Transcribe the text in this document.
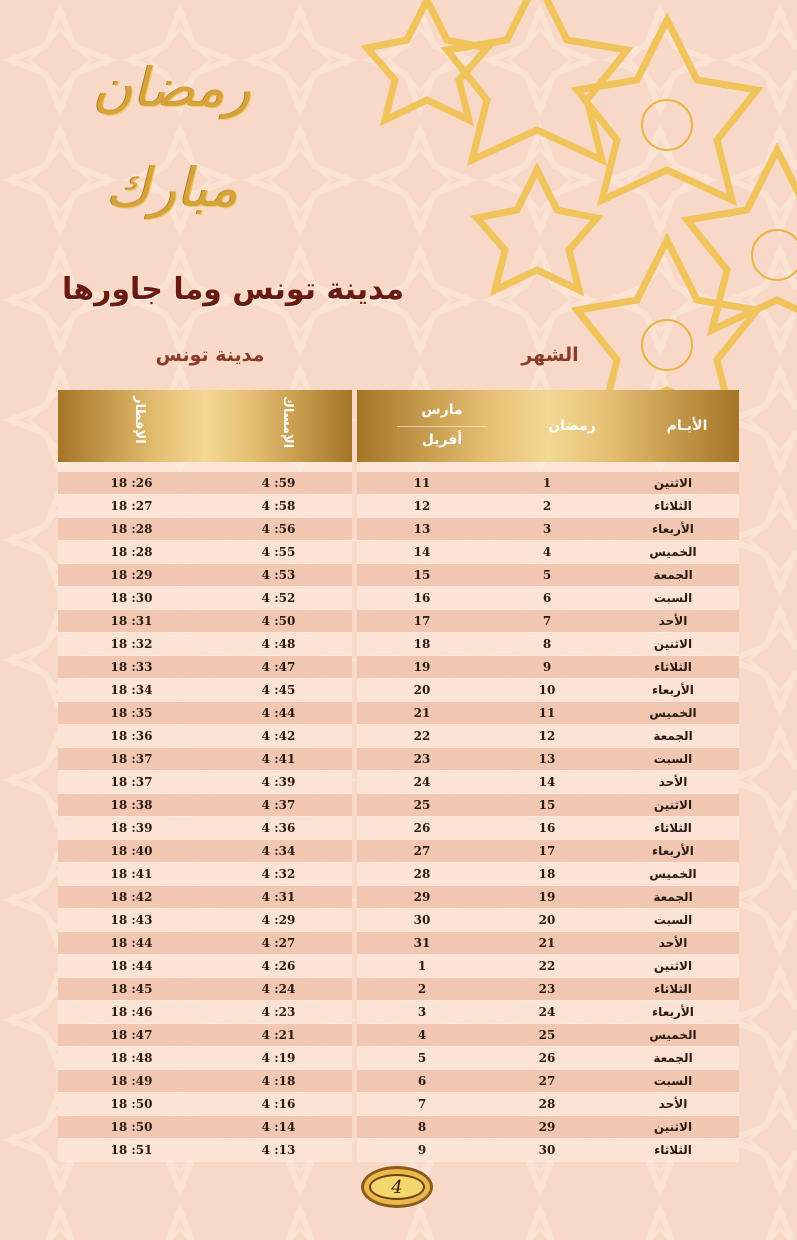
رمضان مبارك
مدينة تونس وما جاورها
مدينة تونس	الشهر
الإفطار	الإمساك
18 :26	4 :59
18 :27	4 :58
18 :28	4 :56
18 :28	4 :55
18 :29	4 :53
18 :30	4 :52
18 :31	4 :50
18 :32	4 :48
18 :33	4 :47
18 :34	4 :45
18 :35	4 :44
18 :36	4 :42
18 :37	4 :41
18 :37	4 :39
18 :38	4 :37
18 :39	4 :36
18 :40	4 :34
18 :41	4 :32
18 :42	4 :31
18 :43	4 :29
18 :44	4 :27
18 :44	4 :26
18 :45	4 :24
18 :46	4 :23
18 :47	4 :21
18 :48	4 :19
18 :49	4 :18
18 :50	4 :16
18 :50	4 :14
18 :51	4 :13
مارس
أفريل
رمضان	الأيـام
11	1	الاثنين
12	2	الثلاثاء
13	3	الأربعاء
14	4	الخميس
15	5	الجمعة
16	6	السبت
17	7	الأحد
18	8	الاثنين
19	9	الثلاثاء
20	10	الأربعاء
21	11	الخميس
22	12	الجمعة
23	13	السبت
24	14	الأحد
25	15	الاثنين
26	16	الثلاثاء
27	17	الأربعاء
28	18	الخميس
29	19	الجمعة
30	20	السبت
31	21	الأحد
1	22	الاثنين
2	23	الثلاثاء
3	24	الأربعاء
4	25	الخميس
5	26	الجمعة
6	27	السبت
7	28	الأحد
8	29	الاثنين
9	30	الثلاثاء
4
